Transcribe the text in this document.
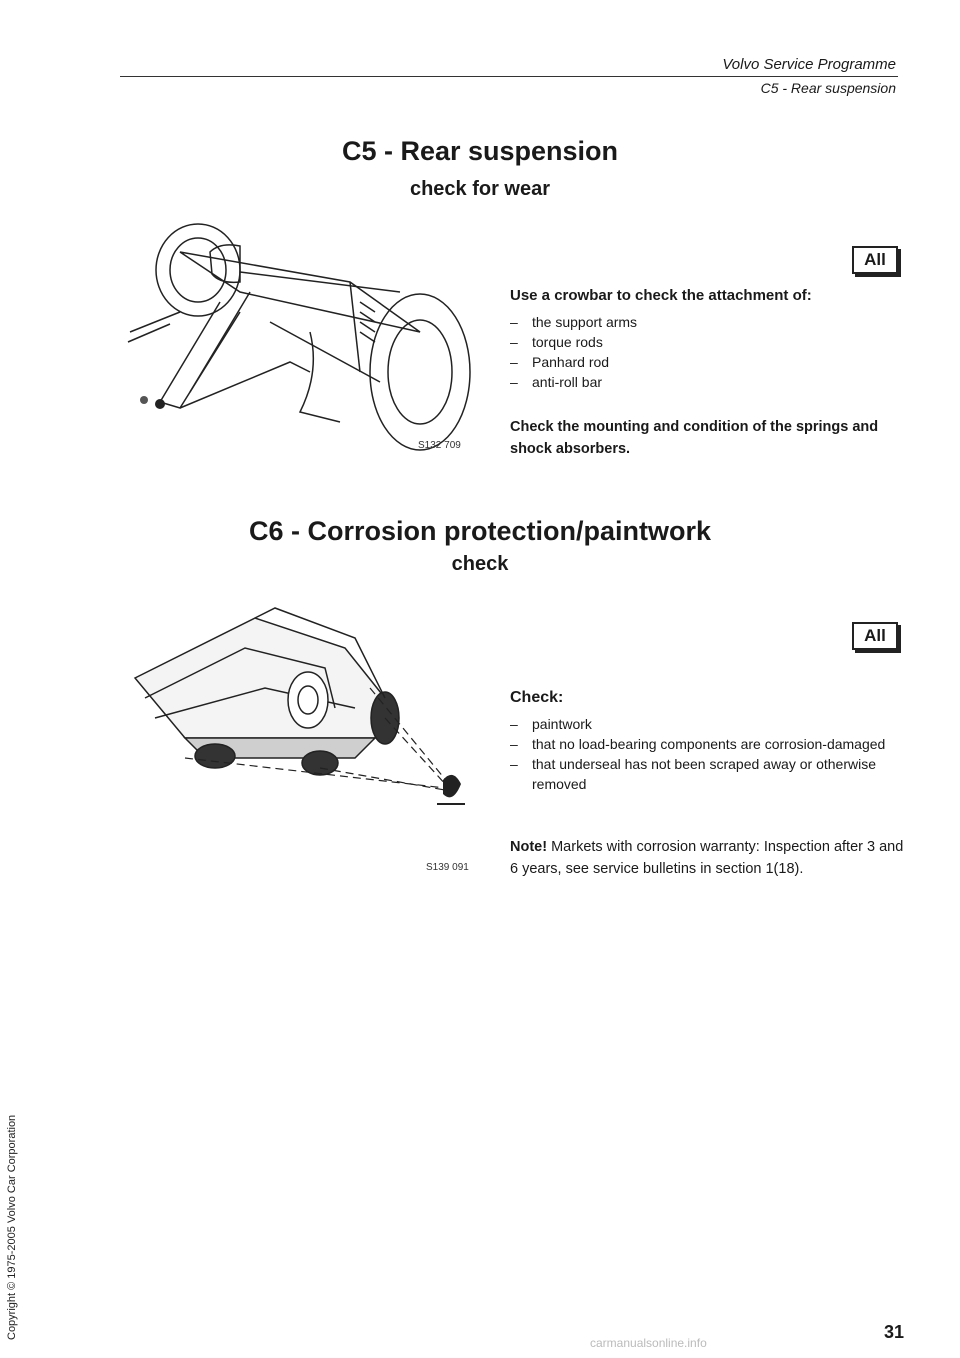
Volvo Service Programme
C5 - Rear suspension
C5 - Rear suspension
check for wear
S132 709
All
Use a crowbar to check the attachment of:
– the support arms
– torque rods
– Panhard rod
– anti-roll bar
Check the mounting and condition of the springs and shock absorbers.
C6 - Corrosion protection/paintwork
check
S139 091
All
Check:
– paintwork
– that no load-bearing components are corrosion-damaged
– that underseal has not been scraped away or otherwise removed
Note! Markets with corrosion warranty: Inspection after 3 and 6 years, see service bulletins in section 1(18).
Copyright © 1975-2005 Volvo Car Corporation	31
carmanualsonline.info
